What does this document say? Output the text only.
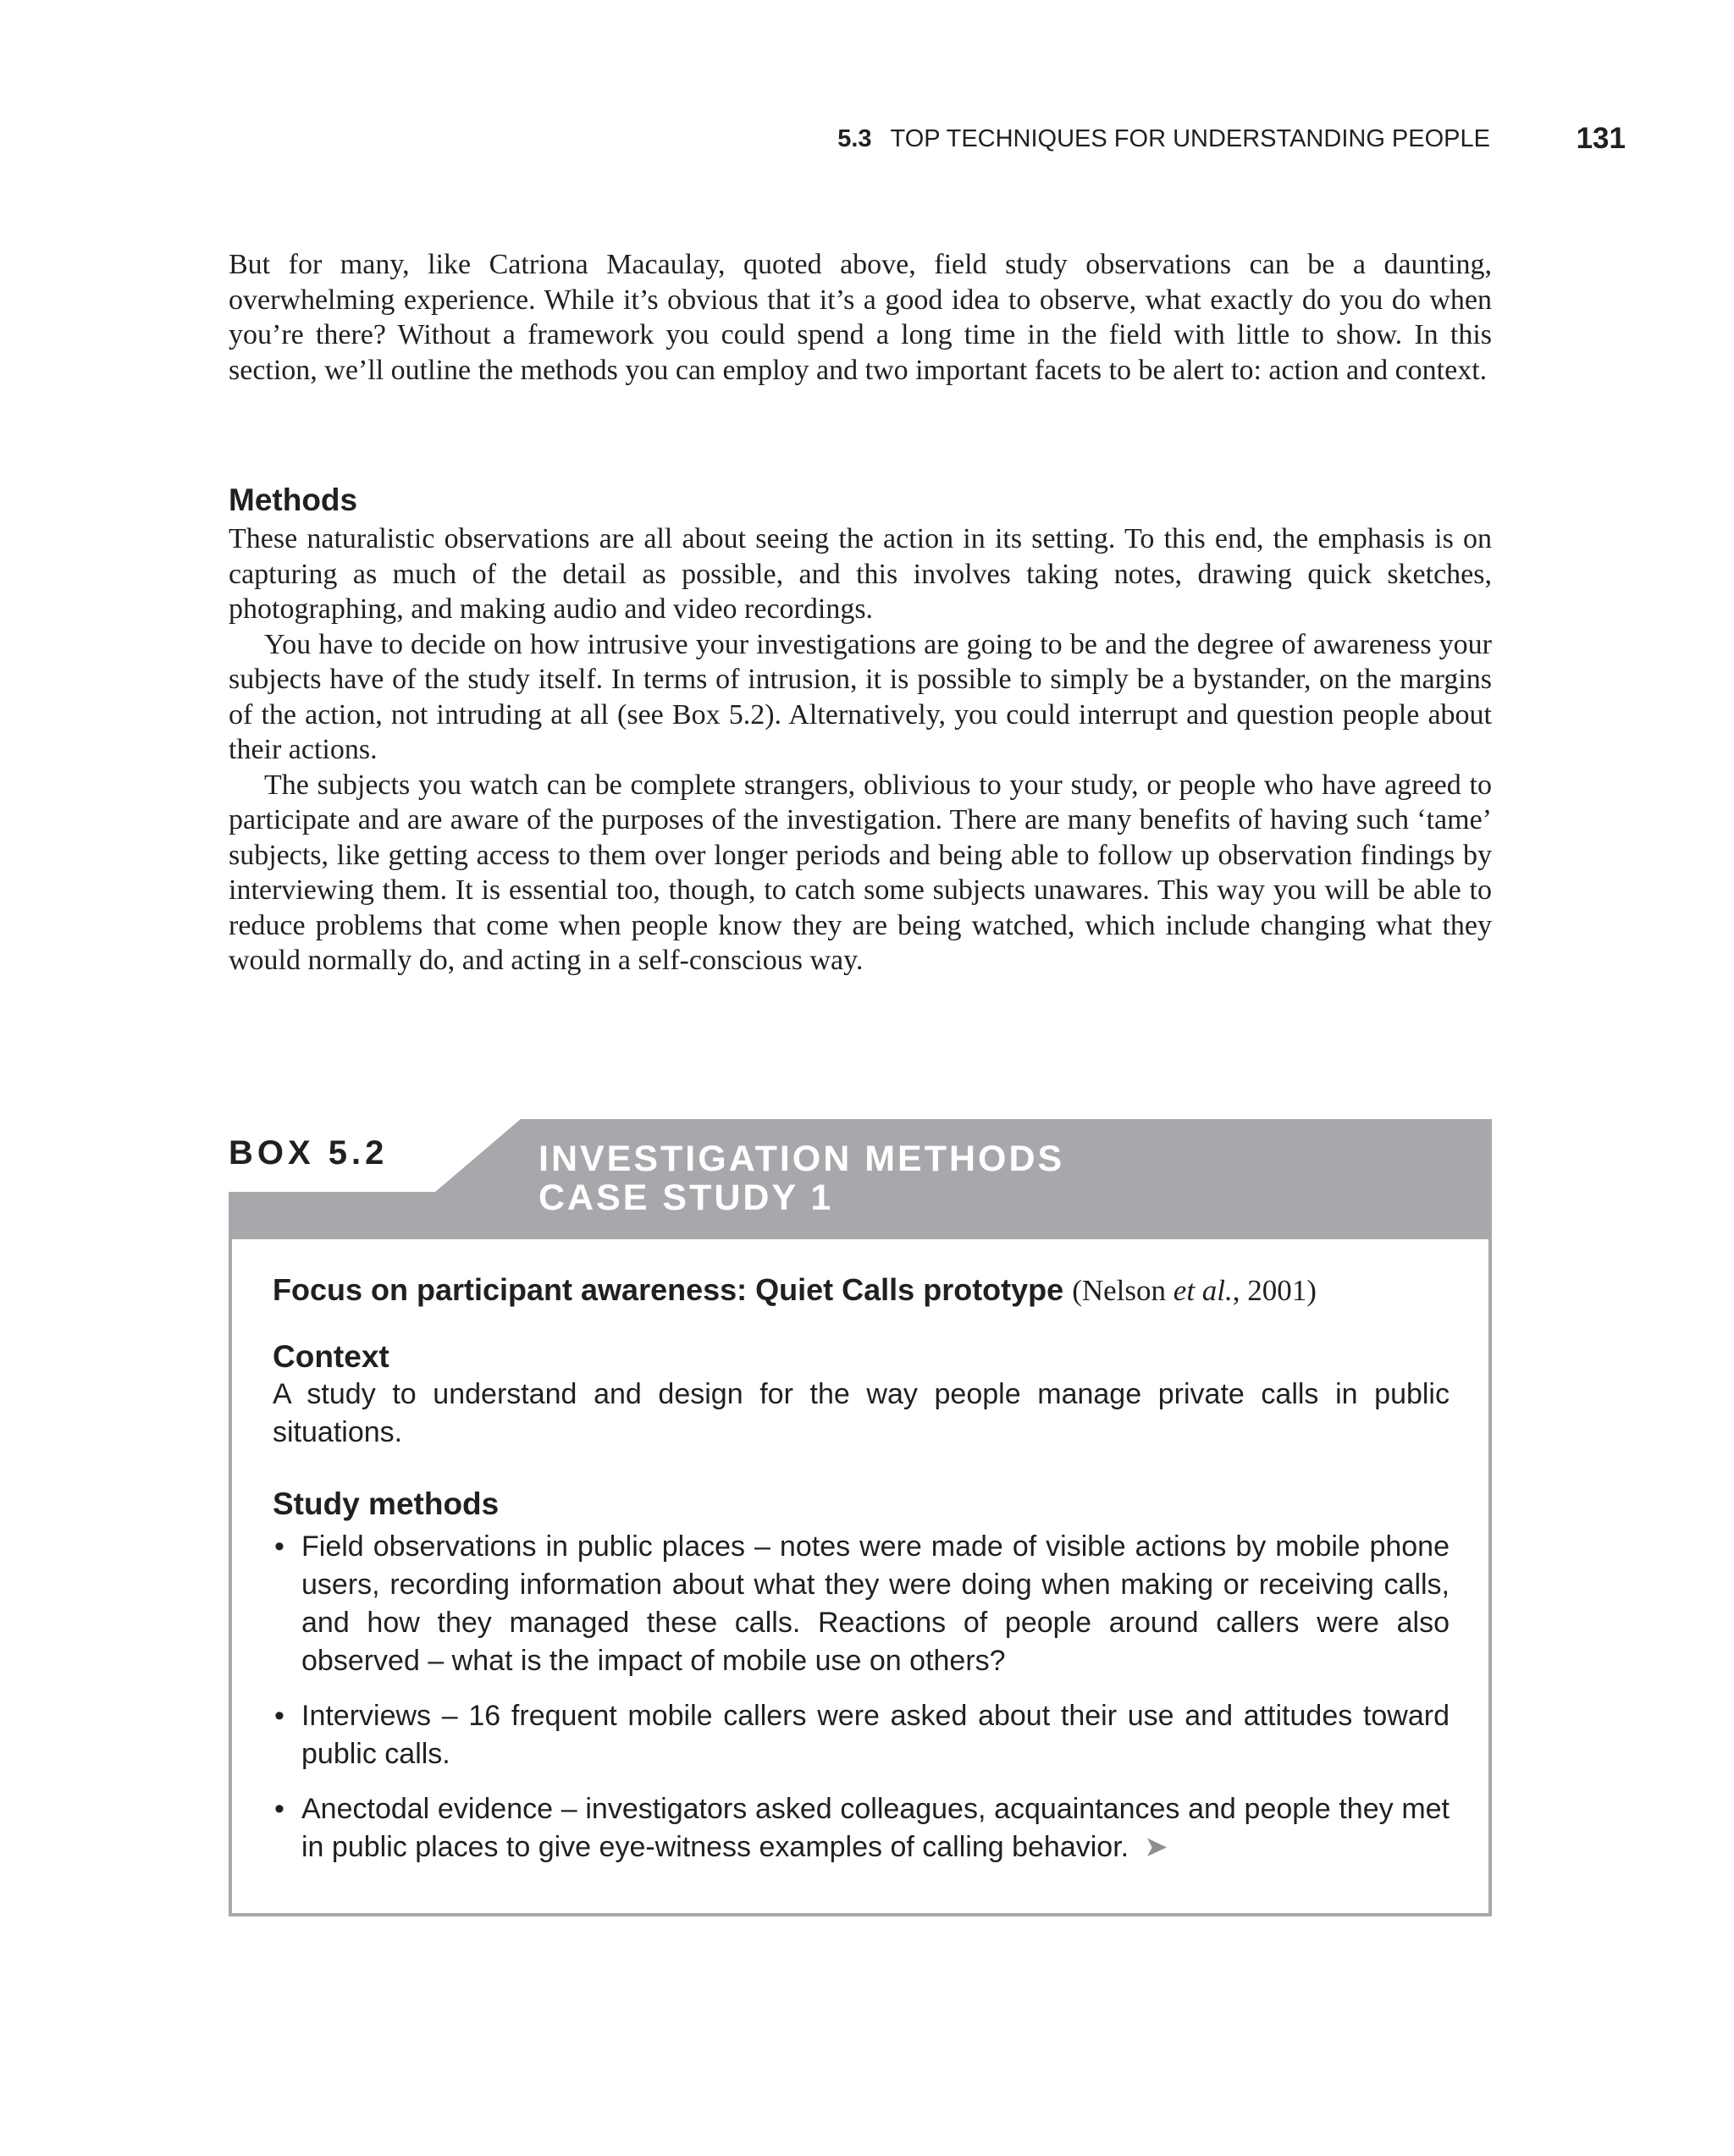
5.3 TOP TECHNIQUES FOR UNDERSTANDING PEOPLE	131

But for many, like Catriona Macaulay, quoted above, field study observations can be a daunting, overwhelming experience. While it’s obvious that it’s a good idea to observe, what exactly do you do when you’re there? Without a framework you could spend a long time in the field with little to show. In this section, we’ll outline the methods you can employ and two important facets to be alert to: action and context.

Methods

These naturalistic observations are all about seeing the action in its setting. To this end, the emphasis is on capturing as much of the detail as possible, and this involves taking notes, drawing quick sketches, photographing, and making audio and video recordings.

You have to decide on how intrusive your investigations are going to be and the degree of awareness your subjects have of the study itself. In terms of intrusion, it is possible to simply be a bystander, on the margins of the action, not intruding at all (see Box 5.2). Alternatively, you could interrupt and question people about their actions.

The subjects you watch can be complete strangers, oblivious to your study, or people who have agreed to participate and are aware of the purposes of the investigation. There are many benefits of having such ‘tame’ subjects, like getting access to them over longer periods and being able to follow up observation findings by interviewing them. It is essential too, though, to catch some subjects unawares. This way you will be able to reduce problems that come when people know they are being watched, which include changing what they would normally do, and acting in a self-conscious way.

BOX 5.2	INVESTIGATION METHODS
CASE STUDY 1
Focus on participant awareness: Quiet Calls prototype (Nelson et al., 2001)
Context
A study to understand and design for the way people manage private calls in public situations.
Study methods
• Field observations in public places – notes were made of visible actions by mobile phone users, recording information about what they were doing when making or receiving calls, and how they managed these calls. Reactions of people around callers were also observed – what is the impact of mobile use on others?
• Interviews – 16 frequent mobile callers were asked about their use and attitudes toward public calls.
• Anectodal evidence – investigators asked colleagues, acquaintances and people they met in public places to give eye-witness examples of calling behavior. ➤
